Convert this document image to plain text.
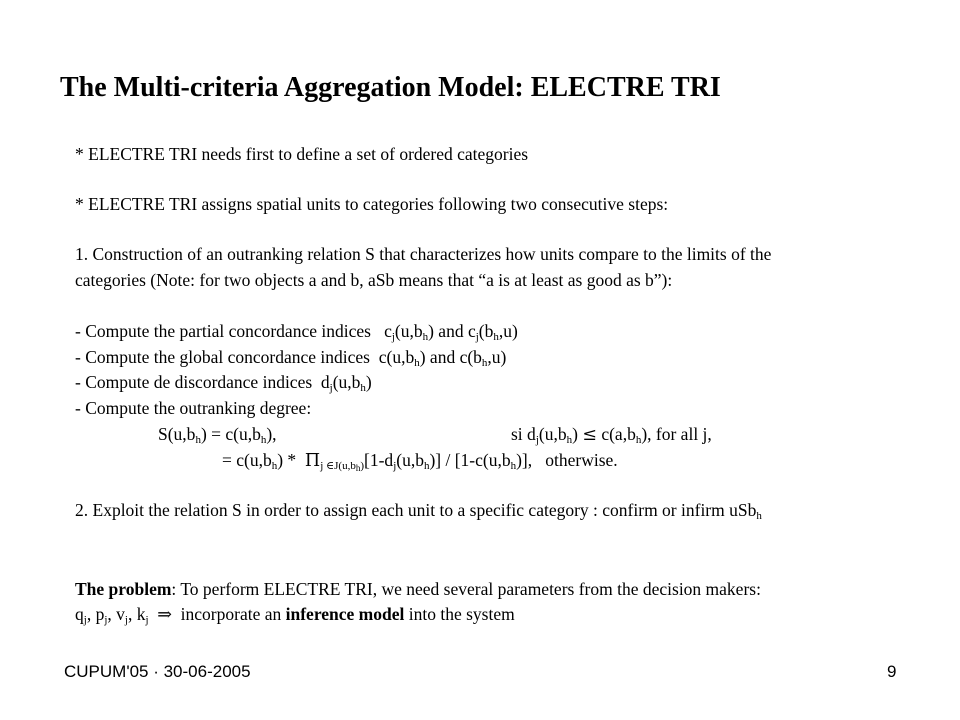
The Multi-criteria Aggregation Model: ELECTRE TRI
* ELECTRE TRI needs first to define a set of ordered categories
* ELECTRE TRI assigns spatial units to categories following two consecutive steps:
1. Construction of an outranking relation S that characterizes how units compare to the limits of the
categories (Note: for two objects a and b, aSb means that “a is at least as good as b”):
- Compute the partial concordance indices $c_j(u,b_h)$ and $c_j(b_h,u)$
- Compute the global concordance indices $c(u,b_h)$ and $c(b_h,u)$
- Compute de discordance indices $d_j(u,b_h)$
- Compute the outranking degree:
$S(u,b_h) = c(u,b_h)$,	si $d_j(u,b_h) \le c(a,b_h)$, for all j,
= $c(u,b_h) * \Pi_{j \in J(u,b_h)}[1-d_j(u,b_h)] / [1-c(u,b_h)]$,   otherwise.
2. Exploit the relation S in order to assign each unit to a specific category : confirm or infirm uSb$_h$
The problem: To perform ELECTRE TRI, we need several parameters from the decision makers:
$q_j$, $p_j$, $v_j$, $k_j$ ⇒ incorporate an inference model into the system
CUPUM'05 · 30-06-2005	9
